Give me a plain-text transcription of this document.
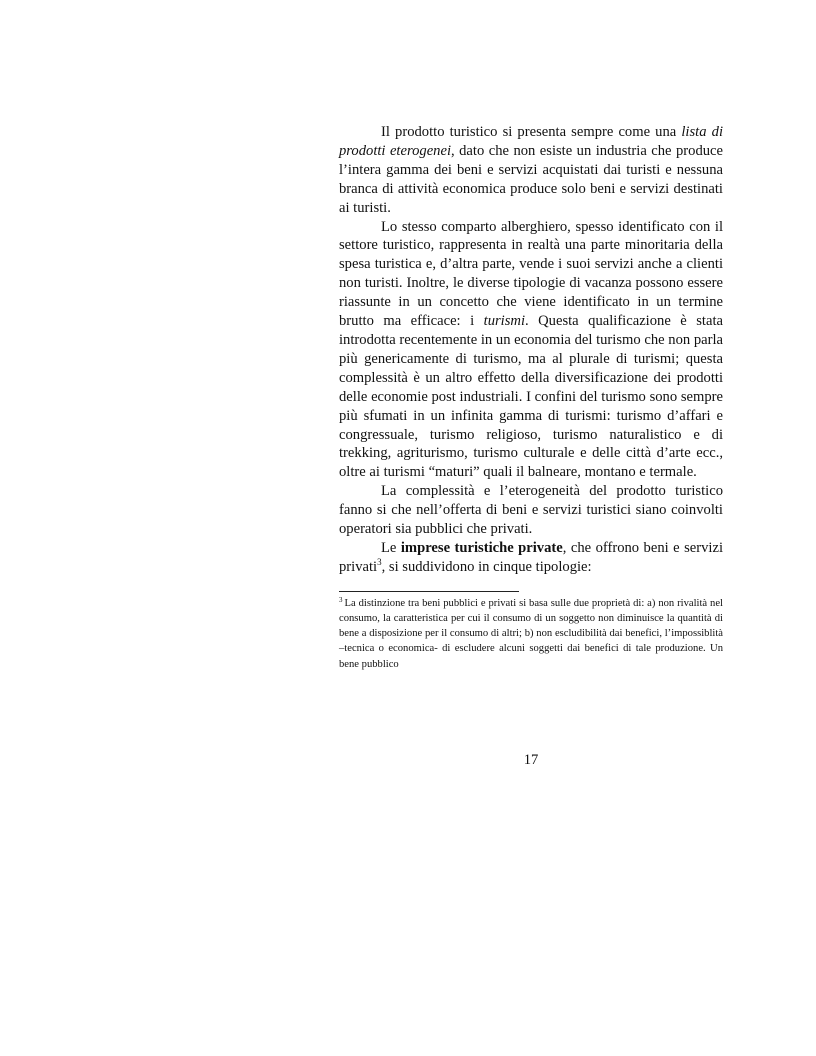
Il prodotto turistico si presenta sempre come una lista di prodotti eterogenei, dato che non esiste un industria che produce l’intera gamma dei beni e servizi acquistati dai turisti e nessuna branca di attività economica produce solo beni e servizi destinati ai turisti.

Lo stesso comparto alberghiero, spesso identificato con il settore turistico, rappresenta in realtà una parte minoritaria della spesa turistica e, d’altra parte, vende i suoi servizi anche a clienti non turisti. Inoltre, le diverse tipologie di vacanza possono essere riassunte in un concetto che viene identificato in un termine brutto ma efficace: i turismi. Questa qualificazione è stata introdotta recentemente in un economia del turismo che non parla più genericamente di turismo, ma al plurale di turismi; questa complessità è un altro effetto della diversificazione dei prodotti delle economie post industriali. I confini del turismo sono sempre più sfumati in un infinita gamma di turismi: turismo d’affari e congressuale, turismo religioso, turismo naturalistico e di trekking, agriturismo, turismo culturale e delle città d’arte ecc., oltre ai turismi “maturi” quali il balneare, montano e termale.

La complessità e l’eterogeneità del prodotto turistico fanno si che nell’offerta di beni e servizi turistici siano coinvolti operatori sia pubblici che privati.

Le imprese turistiche private, che offrono beni e servizi privati$^3$, si suddividono in cinque tipologie:

$^3$ La distinzione tra beni pubblici e privati si basa sulle due proprietà di: a) non rivalità nel consumo, la caratteristica per cui il consumo di un soggetto non diminuisce la quantità di bene a disposizione per il consumo di altri; b) non escludibilità dai benefici, l’impossiblità –tecnica o economica- di escludere alcuni soggetti dai benefici di tale produzione. Un bene pubblico

17
